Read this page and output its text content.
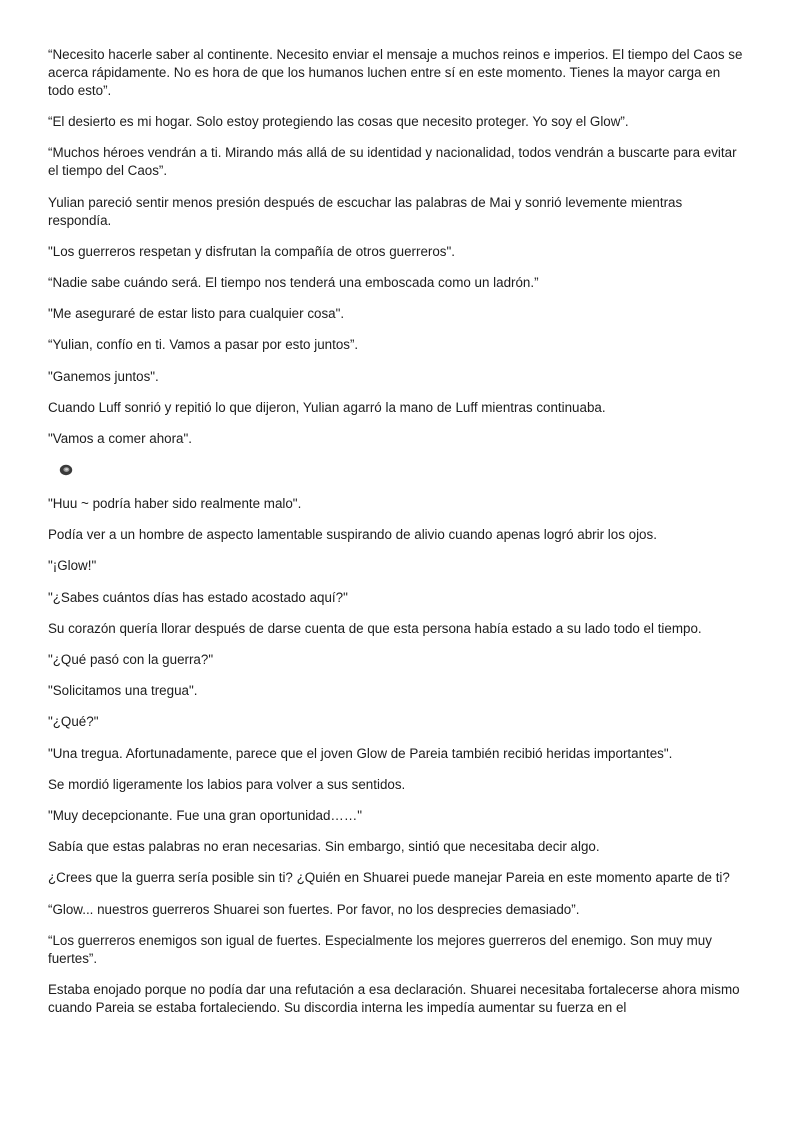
“Necesito hacerle saber al continente. Necesito enviar el mensaje a muchos reinos e imperios. El tiempo del Caos se acerca rápidamente. No es hora de que los humanos luchen entre sí en este momento. Tienes la mayor carga en todo esto”.

“El desierto es mi hogar. Solo estoy protegiendo las cosas que necesito proteger. Yo soy el Glow”.

“Muchos héroes vendrán a ti. Mirando más allá de su identidad y nacionalidad, todos vendrán a buscarte para evitar el tiempo del Caos”.

Yulian pareció sentir menos presión después de escuchar las palabras de Mai y sonrió levemente mientras respondía.

"Los guerreros respetan y disfrutan la compañía de otros guerreros".

“Nadie sabe cuándo será. El tiempo nos tenderá una emboscada como un ladrón.”

"Me aseguraré de estar listo para cualquier cosa".

“Yulian, confío en ti. Vamos a pasar por esto juntos”.

"Ganemos juntos".

Cuando Luff sonrió y repitió lo que dijeron, Yulian agarró la mano de Luff mientras continuaba.

"Vamos a comer ahora".

"Huu ~ podría haber sido realmente malo".

Podía ver a un hombre de aspecto lamentable suspirando de alivio cuando apenas logró abrir los ojos.

"¡Glow!"

"¿Sabes cuántos días has estado acostado aquí?"

Su corazón quería llorar después de darse cuenta de que esta persona había estado a su lado todo el tiempo.

"¿Qué pasó con la guerra?"

"Solicitamos una tregua".

"¿Qué?"

"Una tregua. Afortunadamente, parece que el joven Glow de Pareia también recibió heridas importantes".

Se mordió ligeramente los labios para volver a sus sentidos.

"Muy decepcionante. Fue una gran oportunidad……"

Sabía que estas palabras no eran necesarias. Sin embargo, sintió que necesitaba decir algo.

¿Crees que la guerra sería posible sin ti? ¿Quién en Shuarei puede manejar Pareia en este momento aparte de ti?

“Glow... nuestros guerreros Shuarei son fuertes. Por favor, no los desprecies demasiado”.

“Los guerreros enemigos son igual de fuertes. Especialmente los mejores guerreros del enemigo. Son muy muy fuertes”.

Estaba enojado porque no podía dar una refutación a esa declaración. Shuarei necesitaba fortalecerse ahora mismo cuando Pareia se estaba fortaleciendo. Su discordia interna les impedía aumentar su fuerza en el
